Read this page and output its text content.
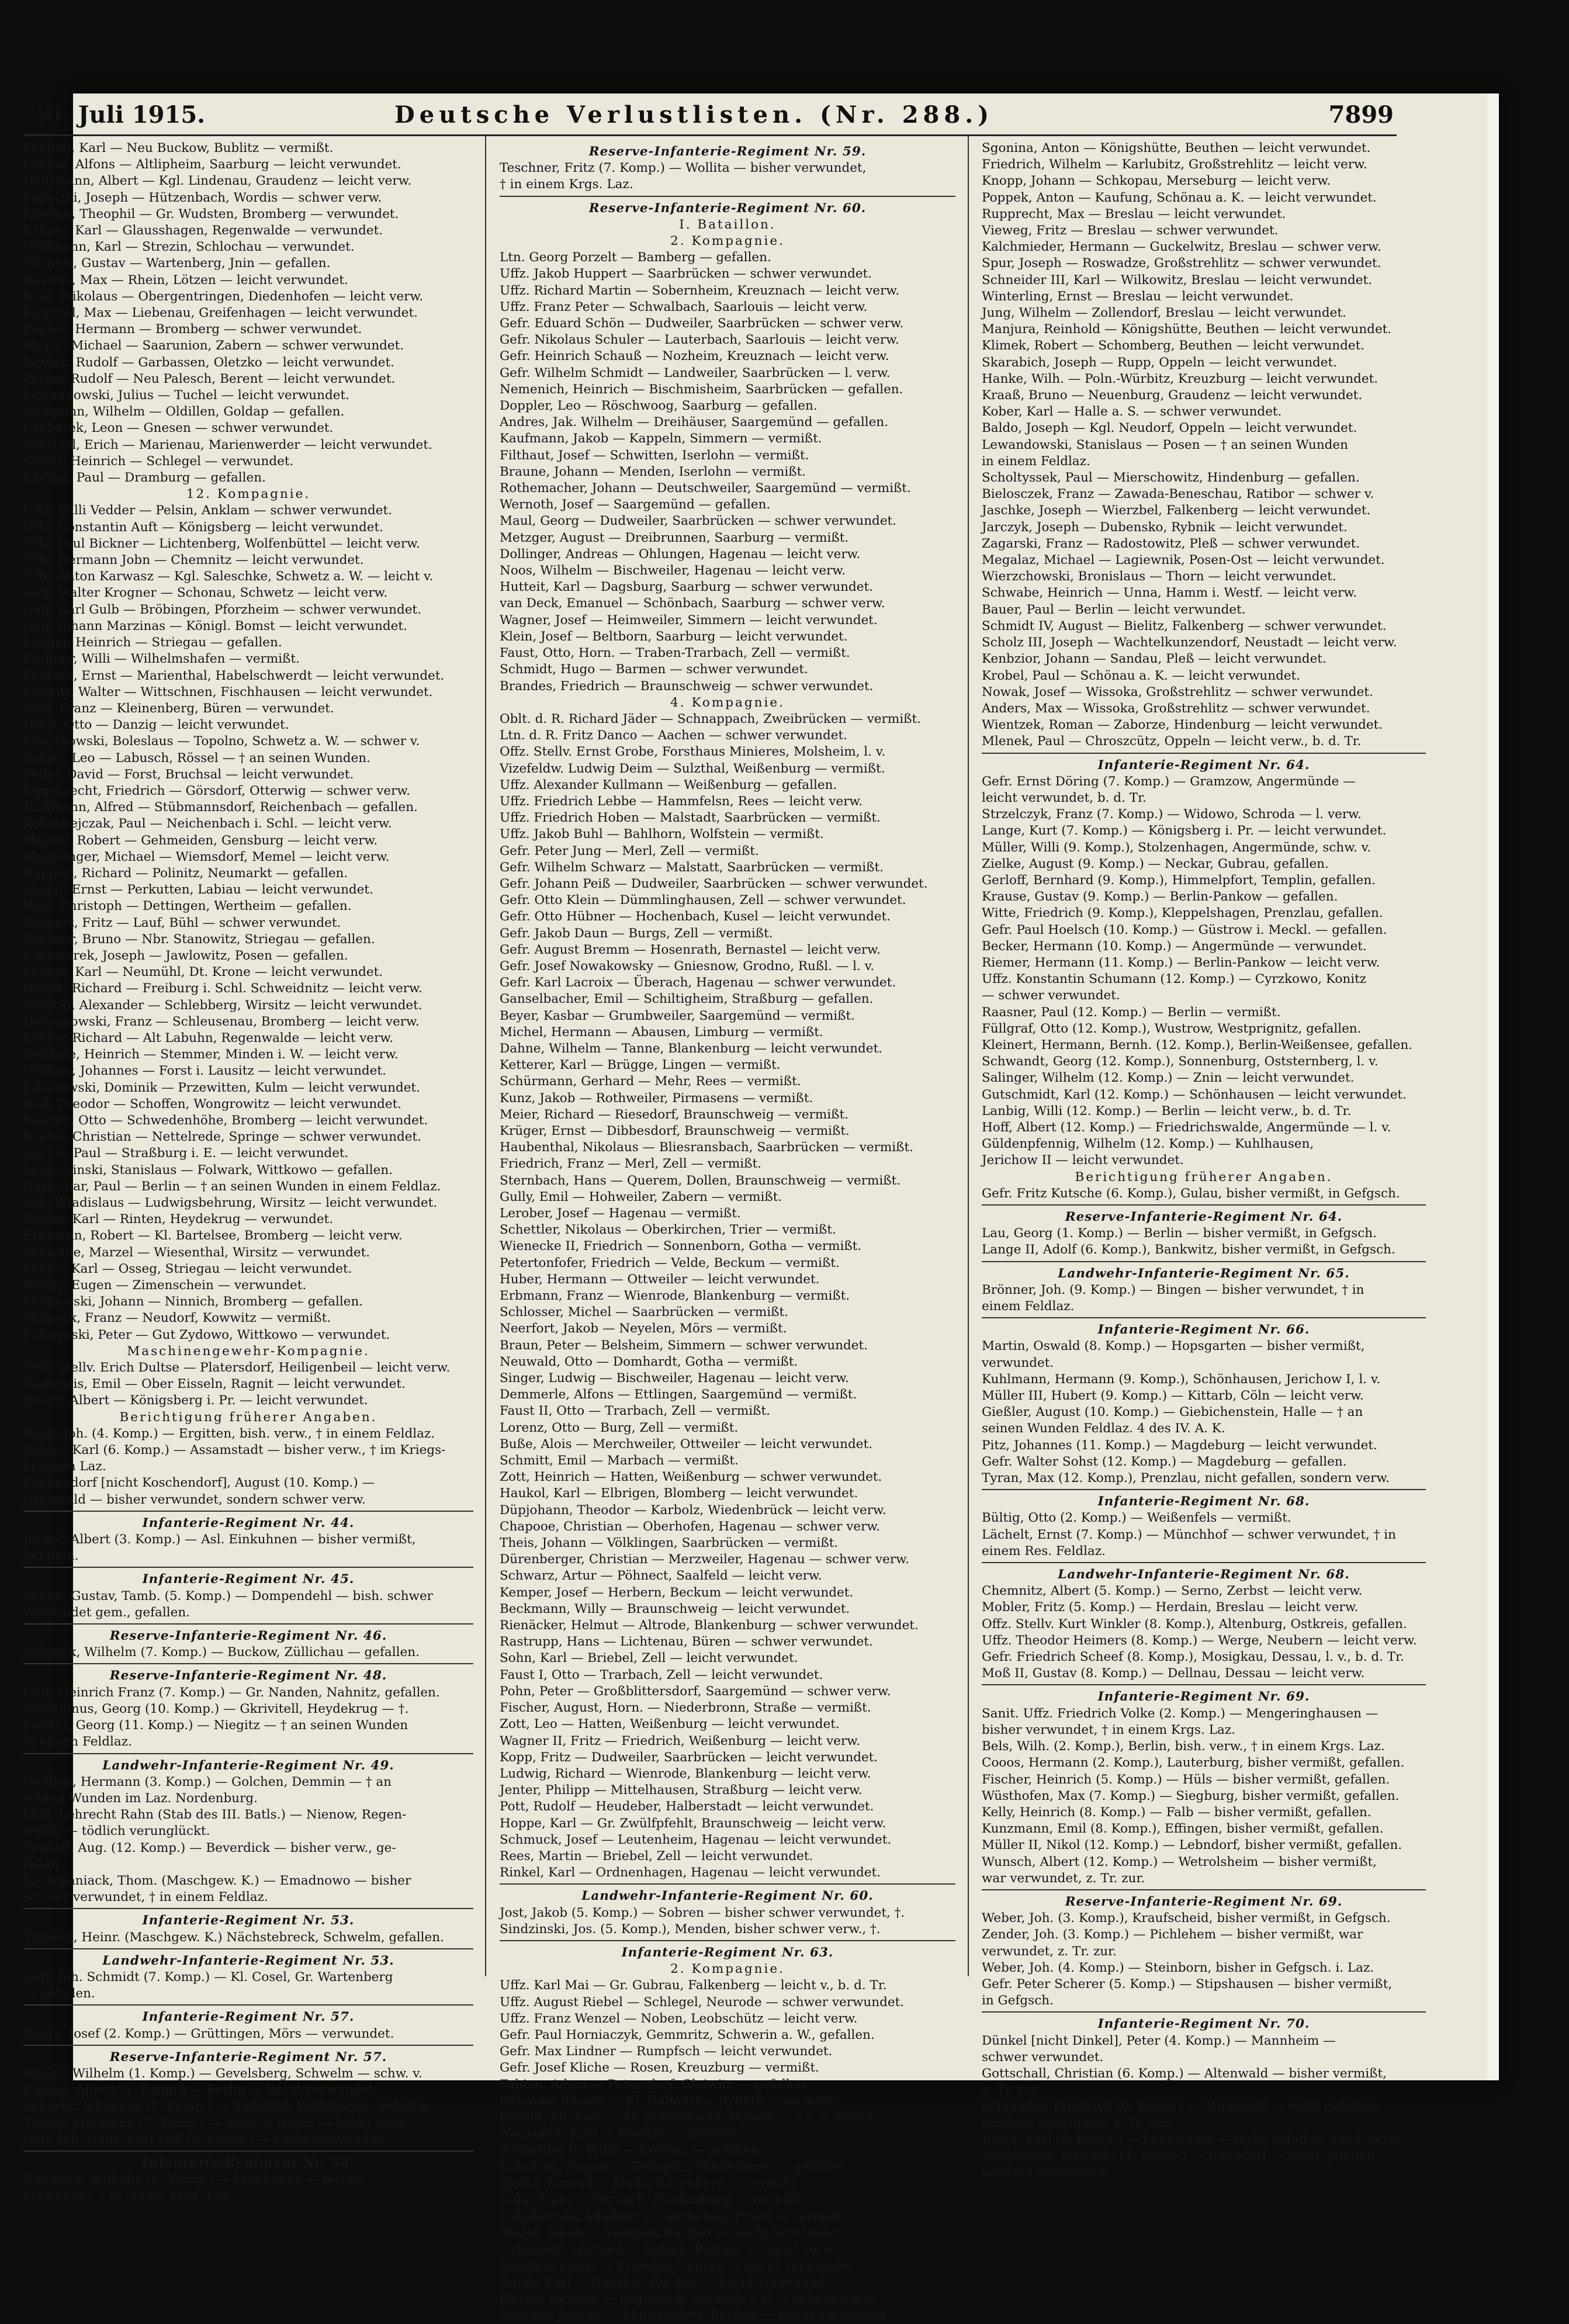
30. Juli 1915.	Deutsche Verlustlisten. (Nr. 288.)	7899
Febling, Karl — Neu Buckow, Bublitz — vermißt.
Grosse, Alfons — Altlipheim, Saarburg — leicht verwundet.
Dehrmann, Albert — Kgl. Lindenau, Graudenz — leicht verw.
Jagielski, Joseph — Hützenbach, Wordis — schwer verw.
Klavbor, Theophil — Gr. Wudsten, Bromberg — verwundet.
Krüger, Karl — Glausshagen, Regenwalde — verwundet.
Wollmann, Karl — Strezin, Schlochau — verwundet.
Weinert, Gustav — Wartenberg, Jnin — gefallen.
Rossius, Max — Rhein, Lötzen — leicht verwundet.
Noel, Nikolaus — Obergentringen, Diedenhofen — leicht verw.
Kümmel, Max — Liebenau, Greifenhagen — leicht verwundet.
Penner, Hermann — Bromberg — schwer verwundet.
Meyer, Michael — Saarunion, Zabern — schwer verwundet.
Nowak, Rudolf — Garbassen, Oletzko — leicht verwundet.
Pätzer, Rudolf — Neu Palesch, Berent — leicht verwundet.
Lewandowski, Julius — Tuchel — leicht verwundet.
Steppuhn, Wilhelm — Oldillen, Goldap — gefallen.
Grabarek, Leon — Gnesen — schwer verwundet.
Sentheil, Erich — Marienau, Marienwerder — leicht verwundet.
Kiesel, Heinrich — Schlegel — verwundet.
Käding, Paul — Dramburg — gefallen.
12. Kompagnie.
Uffz. Willi Vedder — Pelsin, Anklam — schwer verwundet.
Uffz. Constantin Auft — Königsberg — leicht verwundet.
Uffz. Paul Bickner — Lichtenberg, Wolfenbüttel — leicht verw.
Uffz. Hermann Jobn — Chemnitz — leicht verwundet.
Uffz. Anton Karwasz — Kgl. Saleschke, Schwetz a. W. — leicht v.
Gefr. Walter Krogner — Schonau, Schwetz — leicht verw.
Gefr. Karl Gulb — Bröbingen, Pforzheim — schwer verwundet.
Gefr. Johann Marzinas — Königl. Bomst — leicht verwundet.
Langer, Heinrich — Striegau — gefallen.
Käthner, Willi — Wilhelmshafen — vermißt.
Pautsch, Ernst — Marienthal, Habelschwerdt — leicht verwundet.
Prawitt, Walter — Wittschnen, Fischhausen — leicht verwundet.
Wolf, Franz — Kleinenberg, Büren — verwundet.
Horn, Otto — Danzig — leicht verwundet.
Kruczkowski, Boleslaus — Topolno, Schwetz a. W. — schwer v.
Babiel, Leo — Labusch, Rössel — † an seinen Wunden.
Peller, David — Forst, Bruchsal — leicht verwundet.
Eggebrecht, Friedrich — Görsdorf, Otterwig — schwer verw.
Hoffmann, Alfred — Stübmannsdorf, Reichenbach — gefallen.
Kolodziejczak, Paul — Neichenbach i. Schl. — leicht verw.
Muszel, Robert — Gehmeiden, Gensburg — leicht verw.
Mudbänger, Michael — Wiemsdorf, Memel — leicht verw.
Ruppelt, Richard — Polinitz, Neumarkt — gefallen.
Slogar, Ernst — Perkutten, Labiau — leicht verwundet.
Wolf, Christoph — Dettingen, Wertheim — gefallen.
Wiegert, Fritz — Lauf, Bühl — schwer verwundet.
Wiesner, Bruno — Nbr. Stanowitz, Striegau — gefallen.
Kaczmarek, Joseph — Jawlowitz, Posen — gefallen.
Krüger, Karl — Neumühl, Dt. Krone — leicht verwundet.
Budek, Richard — Freiburg i. Schl. Schweidnitz — leicht verw.
Bimicki, Alexander — Schlebberg, Wirsitz — leicht verwundet.
Derengowski, Franz — Schleusenau, Bromberg — leicht verw.
Köhler, Richard — Alt Labuhn, Regenwalde — leicht verw.
Zoltkofe, Heinrich — Stemmer, Minden i. W. — leicht verw.
Wüllner, Johannes — Forst i. Lausitz — leicht verwundet.
Jakubowski, Dominik — Przewitten, Kulm — leicht verwundet.
Bod, Theodor — Schoffen, Wongrowitz — leicht verwundet.
Marten, Otto — Schwedenhöhe, Bromberg — leicht verwundet.
Noche, Christian — Nettelrede, Springe — schwer verwundet.
Lucius, Paul — Straßburg i. E. — leicht verwundet.
Leiberhinski, Stanislaus — Folwark, Wittkowo — gefallen.
Guttschar, Paul — Berlin — † an seinen Wunden in einem Feldlaz.
Sak, Wladislaus — Ludwigsbehrung, Wirsitz — leicht verwundet.
Wachs, Karl — Rinten, Heydekrug — verwundet.
Erdmann, Robert — Kl. Bartelsee, Bromberg — leicht verw.
Schwade, Marzel — Wiesenthal, Wirsitz — verwundet.
Pohler, Karl — Osseg, Striegau — leicht verwundet.
Boege, Eugen — Zimenschein — verwundet.
Malkowski, Johann — Ninnich, Bromberg — gefallen.
Majurek, Franz — Neudorf, Kowwitz — vermißt.
Polczynski, Peter — Gut Zydowo, Wittkowo — verwundet.
Maschinengewehr-Kompagnie.
Offz. Stellv. Erich Dultse — Platersdorf, Heiligenbeil — leicht verw.
Namgalis, Emil — Ober Eisseln, Ragnit — leicht verwundet.
Ewert, Albert — Königsberg i. Pr. — leicht verwundet.
Berichtigung früherer Angaben.
Weiß, Joh. (4. Komp.) — Ergitten, bish. verw., † in einem Feldlaz.
Kohler, Karl (6. Komp.) — Assamstadt — bisher verw., † im Kriegs-
kranken Laz.
Kochendorf [nicht Koschendorf], August (10. Komp.) —
Grunwald — bisher verwundet, sondern schwer verw.
Infanterie-Regiment Nr. 44.
Juckel, Albert (3. Komp.) — Asl. Einkuhnen — bisher vermißt,
gefallen.
Infanterie-Regiment Nr. 45.
Segge, Gustav, Tamb. (5. Komp.) — Dompendehl — bish. schwer
verwundet gem., gefallen.
Reserve-Infanterie-Regiment Nr. 46.
Sobczak, Wilhelm (7. Komp.) — Buckow, Züllichau — gefallen.
Reserve-Infanterie-Regiment Nr. 48.
Gefr. Heinrich Franz (7. Komp.) — Gr. Nanden, Nahnitz, gefallen.
Berszinnus, Georg (10. Komp.) — Gkrivitell, Heydekrug — †.
Finster, Georg (11. Komp.) — Niegitz — † an seinen Wunden
in einem Feldlaz.
Landwehr-Infanterie-Regiment Nr. 49.
Genhen, Hermann (3. Komp.) — Golchen, Demmin — † an
seinen Wunden im Laz. Nordenburg.
Oblt. Lehrecht Rahn (Stab des III. Batls.) — Nienow, Regen-
walde — tödlich verunglückt.
Tetzlaff, Aug. (12. Komp.) — Beverdick — bisher verw., ge-
fallen.
Szczepaniack, Thom. (Maschgew. K.) — Emadnowo — bisher
schwer verwundet, † in einem Feldlaz.
Infanterie-Regiment Nr. 53.
Triboldi, Heinr. (Maschgew. K.) Nächstebreck, Schwelm, gefallen.
Landwehr-Infanterie-Regiment Nr. 53.
Gefr. Joh. Schmidt (7. Komp.) — Kl. Cosel, Gr. Wartenberg
— gefallen.
Infanterie-Regiment Nr. 57.
Bours, Josef (2. Komp.) — Grüttingen, Mörs — verwundet.
Reserve-Infanterie-Regiment Nr. 57.
Müller, Wilhelm (1. Komp.) — Gevelsberg, Schwelm — schw. v.
Emden, Albert (1. Komp.) — Berlin — leicht verwundet.
Schacht, Johannes (7. Komp.) — Bielefeld, Wolfsbagen, gefallen.
Tiedke, Hermann (7. Komp.) — Alzen i. Hann. — leicht verw.
Gefr. Joh. Gottl. Karl Puff (8. Komp.) — leicht verwundet.
Infanterie-Regiment Nr. 58.
Rhönisch, Wilhelm (8. Komp.) — Primkenau — bisher
verwundet, † in einem Krgs. Laz.
Reserve-Infanterie-Regiment Nr. 59.
Teschner, Fritz (7. Komp.) — Wollita — bisher verwundet,
† in einem Krgs. Laz.
Reserve-Infanterie-Regiment Nr. 60.
I. Bataillon.
2. Kompagnie.
Ltn. Georg Porzelt — Bamberg — gefallen.
Uffz. Jakob Huppert — Saarbrücken — schwer verwundet.
Uffz. Richard Martin — Sobernheim, Kreuznach — leicht verw.
Uffz. Franz Peter — Schwalbach, Saarlouis — leicht verw.
Gefr. Eduard Schön — Dudweiler, Saarbrücken — schwer verw.
Gefr. Nikolaus Schuler — Lauterbach, Saarlouis — leicht verw.
Gefr. Heinrich Schauß — Nozheim, Kreuznach — leicht verw.
Gefr. Wilhelm Schmidt — Landweiler, Saarbrücken — l. verw.
Nemenich, Heinrich — Bischmisheim, Saarbrücken — gefallen.
Doppler, Leo — Röschwoog, Saarburg — gefallen.
Andres, Jak. Wilhelm — Dreihäuser, Saargemünd — gefallen.
Kaufmann, Jakob — Kappeln, Simmern — vermißt.
Filthaut, Josef — Schwitten, Iserlohn — vermißt.
Braune, Johann — Menden, Iserlohn — vermißt.
Rothemacher, Johann — Deutschweiler, Saargemünd — vermißt.
Wernoth, Josef — Saargemünd — gefallen.
Maul, Georg — Dudweiler, Saarbrücken — schwer verwundet.
Metzger, August — Dreibrunnen, Saarburg — vermißt.
Dollinger, Andreas — Ohlungen, Hagenau — leicht verw.
Noos, Wilhelm — Bischweiler, Hagenau — leicht verw.
Hutteit, Karl — Dagsburg, Saarburg — schwer verwundet.
van Deck, Emanuel — Schönbach, Saarburg — schwer verw.
Wagner, Josef — Heimweiler, Simmern — leicht verwundet.
Klein, Josef — Beltborn, Saarburg — leicht verwundet.
Faust, Otto, Horn. — Traben-Trarbach, Zell — vermißt.
Schmidt, Hugo — Barmen — schwer verwundet.
Brandes, Friedrich — Braunschweig — schwer verwundet.
4. Kompagnie.
Oblt. d. R. Richard Jäder — Schnappach, Zweibrücken — vermißt.
Ltn. d. R. Fritz Danco — Aachen — schwer verwundet.
Offz. Stellv. Ernst Grobe, Forsthaus Minieres, Molsheim, l. v.
Vizefeldw. Ludwig Deim — Sulzthal, Weißenburg — vermißt.
Uffz. Alexander Kullmann — Weißenburg — gefallen.
Uffz. Friedrich Lebbe — Hammfelsn, Rees — leicht verw.
Uffz. Friedrich Hoben — Malstadt, Saarbrücken — vermißt.
Uffz. Jakob Buhl — Bahlhorn, Wolfstein — vermißt.
Gefr. Peter Jung — Merl, Zell — vermißt.
Gefr. Wilhelm Schwarz — Malstatt, Saarbrücken — vermißt.
Gefr. Johann Peiß — Dudweiler, Saarbrücken — schwer verwundet.
Gefr. Otto Klein — Dümmlinghausen, Zell — schwer verwundet.
Gefr. Otto Hübner — Hochenbach, Kusel — leicht verwundet.
Gefr. Jakob Daun — Burgs, Zell — vermißt.
Gefr. August Bremm — Hosenrath, Bernastel — leicht verw.
Gefr. Josef Nowakowsky — Gniesnow, Grodno, Rußl. — l. v.
Gefr. Karl Lacroix — Überach, Hagenau — schwer verwundet.
Ganselbacher, Emil — Schiltigheim, Straßburg — gefallen.
Beyer, Kasbar — Grumbweiler, Saargemünd — vermißt.
Michel, Hermann — Abausen, Limburg — vermißt.
Dahne, Wilhelm — Tanne, Blankenburg — leicht verwundet.
Ketterer, Karl — Brügge, Lingen — vermißt.
Schürmann, Gerhard — Mehr, Rees — vermißt.
Kunz, Jakob — Rothweiler, Pirmasens — vermißt.
Meier, Richard — Riesedorf, Braunschweig — vermißt.
Krüger, Ernst — Dibbesdorf, Braunschweig — vermißt.
Haubenthal, Nikolaus — Bliesransbach, Saarbrücken — vermißt.
Friedrich, Franz — Merl, Zell — vermißt.
Sternbach, Hans — Querem, Dollen, Braunschweig — vermißt.
Gully, Emil — Hohweiler, Zabern — vermißt.
Lerober, Josef — Hagenau — vermißt.
Schettler, Nikolaus — Oberkirchen, Trier — vermißt.
Wienecke II, Friedrich — Sonnenborn, Gotha — vermißt.
Petertonfofer, Friedrich — Velde, Beckum — vermißt.
Huber, Hermann — Ottweiler — leicht verwundet.
Erbmann, Franz — Wienrode, Blankenburg — vermißt.
Schlosser, Michel — Saarbrücken — vermißt.
Neerfort, Jakob — Neyelen, Mörs — vermißt.
Braun, Peter — Belsheim, Simmern — schwer verwundet.
Neuwald, Otto — Domhardt, Gotha — vermißt.
Singer, Ludwig — Bischweiler, Hagenau — leicht verw.
Demmerle, Alfons — Ettlingen, Saargemünd — vermißt.
Faust II, Otto — Trarbach, Zell — vermißt.
Lorenz, Otto — Burg, Zell — vermißt.
Buße, Alois — Merchweiler, Ottweiler — leicht verwundet.
Schmitt, Emil — Marbach — vermißt.
Zott, Heinrich — Hatten, Weißenburg — schwer verwundet.
Haukol, Karl — Elbrigen, Blomberg — leicht verwundet.
Düpjohann, Theodor — Karbolz, Wiedenbrück — leicht verw.
Chapooe, Christian — Oberhofen, Hagenau — schwer verw.
Theis, Johann — Völklingen, Saarbrücken — vermißt.
Dürenberger, Christian — Merzweiler, Hagenau — schwer verw.
Schwarz, Artur — Pöhnect, Saalfeld — leicht verw.
Kemper, Josef — Herbern, Beckum — leicht verwundet.
Beckmann, Willy — Braunschweig — leicht verwundet.
Rienäcker, Helmut — Altrode, Blankenburg — schwer verwundet.
Rastrupp, Hans — Lichtenau, Büren — schwer verwundet.
Sohn, Karl — Briebel, Zell — leicht verwundet.
Faust I, Otto — Trarbach, Zell — leicht verwundet.
Pohn, Peter — Großblittersdorf, Saargemünd — schwer verw.
Fischer, August, Horn. — Niederbronn, Straße — vermißt.
Zott, Leo — Hatten, Weißenburg — leicht verwundet.
Wagner II, Fritz — Friedrich, Weißenburg — leicht verw.
Kopp, Fritz — Dudweiler, Saarbrücken — leicht verwundet.
Ludwig, Richard — Wienrode, Blankenburg — leicht verw.
Jenter, Philipp — Mittelhausen, Straßburg — leicht verw.
Pott, Rudolf — Heudeber, Halberstadt — leicht verwundet.
Hoppe, Karl — Gr. Zwülfpfehlt, Braunschweig — leicht verw.
Schmuck, Josef — Leutenheim, Hagenau — leicht verwundet.
Rees, Martin — Briebel, Zell — leicht verwundet.
Rinkel, Karl — Ordnenhagen, Hagenau — leicht verwundet.
Landwehr-Infanterie-Regiment Nr. 60.
Jost, Jakob (5. Komp.) — Sobren — bisher schwer verwundet, †.
Sindzinski, Jos. (5. Komp.), Menden, bisher schwer verw., †.
Infanterie-Regiment Nr. 63.
2. Kompagnie.
Uffz. Karl Mai — Gr. Gubrau, Falkenberg — leicht v., b. d. Tr.
Uffz. August Riebel — Schlegel, Neurode — schwer verwundet.
Uffz. Franz Wenzel — Noben, Leobschütz — leicht verw.
Gefr. Paul Horniaczyk, Gemmritz, Schwerin a. W., gefallen.
Gefr. Max Lindner — Rumpfsch — leicht verwundet.
Gefr. Josef Kliche — Rosen, Kreuzburg — vermißt.
Fabian, Adam — Petersdorf, Gleiwitz — gefallen.
Gebauer, Johann — Kl. Dubensko, Rybnik — vermißt.
Problit, Michael — Alt Schalkowitz, Oppeln — † a. s. Wund.
Neumann, Karl — Breslau — gefallen.
Schneider II, Willy — Breslau — gefallen.
Kolodziej, August — Bistupitz, Hindenburg — gefallen.
Sjolka, Konrad — Nuda, Rosenberg — vermißt.
Gola, Franz — Parusch, Hindenburg — vermißt.
Zakubowski, Adalbert — Germenau, Posen — vermißt.
Mozet, Jakob — Kammin, Ratibor — leicht verwundet.
Urbanietz, Michael — Ratsch, Ratibor — leicht verw.
Günther, Franz — Krascha, Gubrau — leicht verwundet.
Bujok, Karl — Naszlak, Ratibor — leicht verwundet.
Pletier, Richard — Lagiewnik, Schroda i. P. — schwer verw.
Sfeltars, Johann — Markersdorf, Ratibor — leicht verwundet.
Sgonina, Anton — Königshütte, Beuthen — leicht verwundet.
Friedrich, Wilhelm — Karlubitz, Großstrehlitz — leicht verw.
Knopp, Johann — Schkopau, Merseburg — leicht verw.
Poppek, Anton — Kaufung, Schönau a. K. — leicht verwundet.
Rupprecht, Max — Breslau — leicht verwundet.
Vieweg, Fritz — Breslau — schwer verwundet.
Kalchmieder, Hermann — Guckelwitz, Breslau — schwer verw.
Spur, Joseph — Roswadze, Großstrehlitz — schwer verwundet.
Schneider III, Karl — Wilkowitz, Breslau — leicht verwundet.
Winterling, Ernst — Breslau — leicht verwundet.
Jung, Wilhelm — Zollendorf, Breslau — leicht verwundet.
Manjura, Reinhold — Königshütte, Beuthen — leicht verwundet.
Klimek, Robert — Schomberg, Beuthen — leicht verwundet.
Skarabich, Joseph — Rupp, Oppeln — leicht verwundet.
Hanke, Wilh. — Poln.-Würbitz, Kreuzburg — leicht verwundet.
Kraaß, Bruno — Neuenburg, Graudenz — leicht verwundet.
Kober, Karl — Halle a. S. — schwer verwundet.
Baldo, Joseph — Kgl. Neudorf, Oppeln — leicht verwundet.
Lewandowski, Stanislaus — Posen — † an seinen Wunden
in einem Feldlaz.
Scholtyssek, Paul — Mierschowitz, Hindenburg — gefallen.
Bielosczek, Franz — Zawada-Beneschau, Ratibor — schwer v.
Jaschke, Joseph — Wierzbel, Falkenberg — leicht verwundet.
Jarczyk, Joseph — Dubensko, Rybnik — leicht verwundet.
Zagarski, Franz — Radostowitz, Pleß — schwer verwundet.
Megalaz, Michael — Lagiewnik, Posen-Ost — leicht verwundet.
Wierzchowski, Bronislaus — Thorn — leicht verwundet.
Schwabe, Heinrich — Unna, Hamm i. Westf. — leicht verw.
Bauer, Paul — Berlin — leicht verwundet.
Schmidt IV, August — Bielitz, Falkenberg — schwer verwundet.
Scholz III, Joseph — Wachtelkunzendorf, Neustadt — leicht verw.
Kenbzior, Johann — Sandau, Pleß — leicht verwundet.
Krobel, Paul — Schönau a. K. — leicht verwundet.
Nowak, Josef — Wissoka, Großstrehlitz — schwer verwundet.
Anders, Max — Wissoka, Großstrehlitz — schwer verwundet.
Wientzek, Roman — Zaborze, Hindenburg — leicht verwundet.
Mlenek, Paul — Chroszcütz, Oppeln — leicht verw., b. d. Tr.
Infanterie-Regiment Nr. 64.
Gefr. Ernst Döring (7. Komp.) — Gramzow, Angermünde —
leicht verwundet, b. d. Tr.
Strzelczyk, Franz (7. Komp.) — Widowo, Schroda — l. verw.
Lange, Kurt (7. Komp.) — Königsberg i. Pr. — leicht verwundet.
Müller, Willi (9. Komp.), Stolzenhagen, Angermünde, schw. v.
Zielke, August (9. Komp.) — Neckar, Gubrau, gefallen.
Gerloff, Bernhard (9. Komp.), Himmelpfort, Templin, gefallen.
Krause, Gustav (9. Komp.) — Berlin-Pankow — gefallen.
Witte, Friedrich (9. Komp.), Kleppelshagen, Prenzlau, gefallen.
Gefr. Paul Hoelsch (10. Komp.) — Güstrow i. Meckl. — gefallen.
Becker, Hermann (10. Komp.) — Angermünde — verwundet.
Riemer, Hermann (11. Komp.) — Berlin-Pankow — leicht verw.
Uffz. Konstantin Schumann (12. Komp.) — Cyrzkowo, Konitz
— schwer verwundet.
Raasner, Paul (12. Komp.) — Berlin — vermißt.
Füllgraf, Otto (12. Komp.), Wustrow, Westprignitz, gefallen.
Kleinert, Hermann, Bernh. (12. Komp.), Berlin-Weißensee, gefallen.
Schwandt, Georg (12. Komp.), Sonnenburg, Oststernberg, l. v.
Salinger, Wilhelm (12. Komp.) — Znin — leicht verwundet.
Gutschmidt, Karl (12. Komp.) — Schönhausen — leicht verwundet.
Lanbig, Willi (12. Komp.) — Berlin — leicht verw., b. d. Tr.
Hoff, Albert (12. Komp.) — Friedrichswalde, Angermünde — l. v.
Güldenpfennig, Wilhelm (12. Komp.) — Kuhlhausen,
Jerichow II — leicht verwundet.
Berichtigung früherer Angaben.
Gefr. Fritz Kutsche (6. Komp.), Gulau, bisher vermißt, in Gefgsch.
Reserve-Infanterie-Regiment Nr. 64.
Lau, Georg (1. Komp.) — Berlin — bisher vermißt, in Gefgsch.
Lange II, Adolf (6. Komp.), Bankwitz, bisher vermißt, in Gefgsch.
Landwehr-Infanterie-Regiment Nr. 65.
Brönner, Joh. (9. Komp.) — Bingen — bisher verwundet, † in
einem Feldlaz.
Infanterie-Regiment Nr. 66.
Martin, Oswald (8. Komp.) — Hopsgarten — bisher vermißt,
verwundet.
Kuhlmann, Hermann (9. Komp.), Schönhausen, Jerichow I, l. v.
Müller III, Hubert (9. Komp.) — Kittarb, Cöln — leicht verw.
Gießler, August (10. Komp.) — Giebichenstein, Halle — † an
seinen Wunden Feldlaz. 4 des IV. A. K.
Pitz, Johannes (11. Komp.) — Magdeburg — leicht verwundet.
Gefr. Walter Sohst (12. Komp.) — Magdeburg — gefallen.
Tyran, Max (12. Komp.), Prenzlau, nicht gefallen, sondern verw.
Infanterie-Regiment Nr. 68.
Bültig, Otto (2. Komp.) — Weißenfels — vermißt.
Lächelt, Ernst (7. Komp.) — Münchhof — schwer verwundet, † in
einem Res. Feldlaz.
Landwehr-Infanterie-Regiment Nr. 68.
Chemnitz, Albert (5. Komp.) — Serno, Zerbst — leicht verw.
Mobler, Fritz (5. Komp.) — Herdain, Breslau — leicht verw.
Offz. Stellv. Kurt Winkler (8. Komp.), Altenburg, Ostkreis, gefallen.
Uffz. Theodor Heimers (8. Komp.) — Werge, Neubern — leicht verw.
Gefr. Friedrich Scheef (8. Komp.), Mosigkau, Dessau, l. v., b. d. Tr.
Moß II, Gustav (8. Komp.) — Dellnau, Dessau — leicht verw.
Infanterie-Regiment Nr. 69.
Sanit. Uffz. Friedrich Volke (2. Komp.) — Mengeringhausen —
bisher verwundet, † in einem Krgs. Laz.
Bels, Wilh. (2. Komp.), Berlin, bish. verw., † in einem Krgs. Laz.
Cooos, Hermann (2. Komp.), Lauterburg, bisher vermißt, gefallen.
Fischer, Heinrich (5. Komp.) — Hüls — bisher vermißt, gefallen.
Wüsthofen, Max (7. Komp.) — Siegburg, bisher vermißt, gefallen.
Kelly, Heinrich (8. Komp.) — Falb — bisher vermißt, gefallen.
Kunzmann, Emil (8. Komp.), Effingen, bisher vermißt, gefallen.
Müller II, Nikol (12. Komp.) — Lebndorf, bisher vermißt, gefallen.
Wunsch, Albert (12. Komp.) — Wetrolsheim — bisher vermißt,
war verwundet, z. Tr. zur.
Reserve-Infanterie-Regiment Nr. 69.
Weber, Joh. (3. Komp.), Kraufscheid, bisher vermißt, in Gefgsch.
Zender, Joh. (3. Komp.) — Pichlehem — bisher vermißt, war
verwundet, z. Tr. zur.
Weber, Joh. (4. Komp.) — Steinborn, bisher in Gefgsch. i. Laz.
Gefr. Peter Scherer (5. Komp.) — Stipshausen — bisher vermißt,
in Gefgsch.
Infanterie-Regiment Nr. 70.
Dünkel [nicht Dinkel], Peter (4. Komp.) — Mannheim —
schwer verwundet.
Gottschall, Christian (6. Komp.) — Altenwald — bisher vermißt,
z. Tr. zur.
Schneider, Friedrich (6. Komp.) — Altenwald — nicht gefallen,
sondern verwundet, z. Tr. zur.
Risch, Karl (8. Komp.) — Langweiler — nicht gefallen, sond. verw.
Sindemann, Oswald (11. Komp.) — Hausdorf — nicht gefallen,
sondern verwundet.
